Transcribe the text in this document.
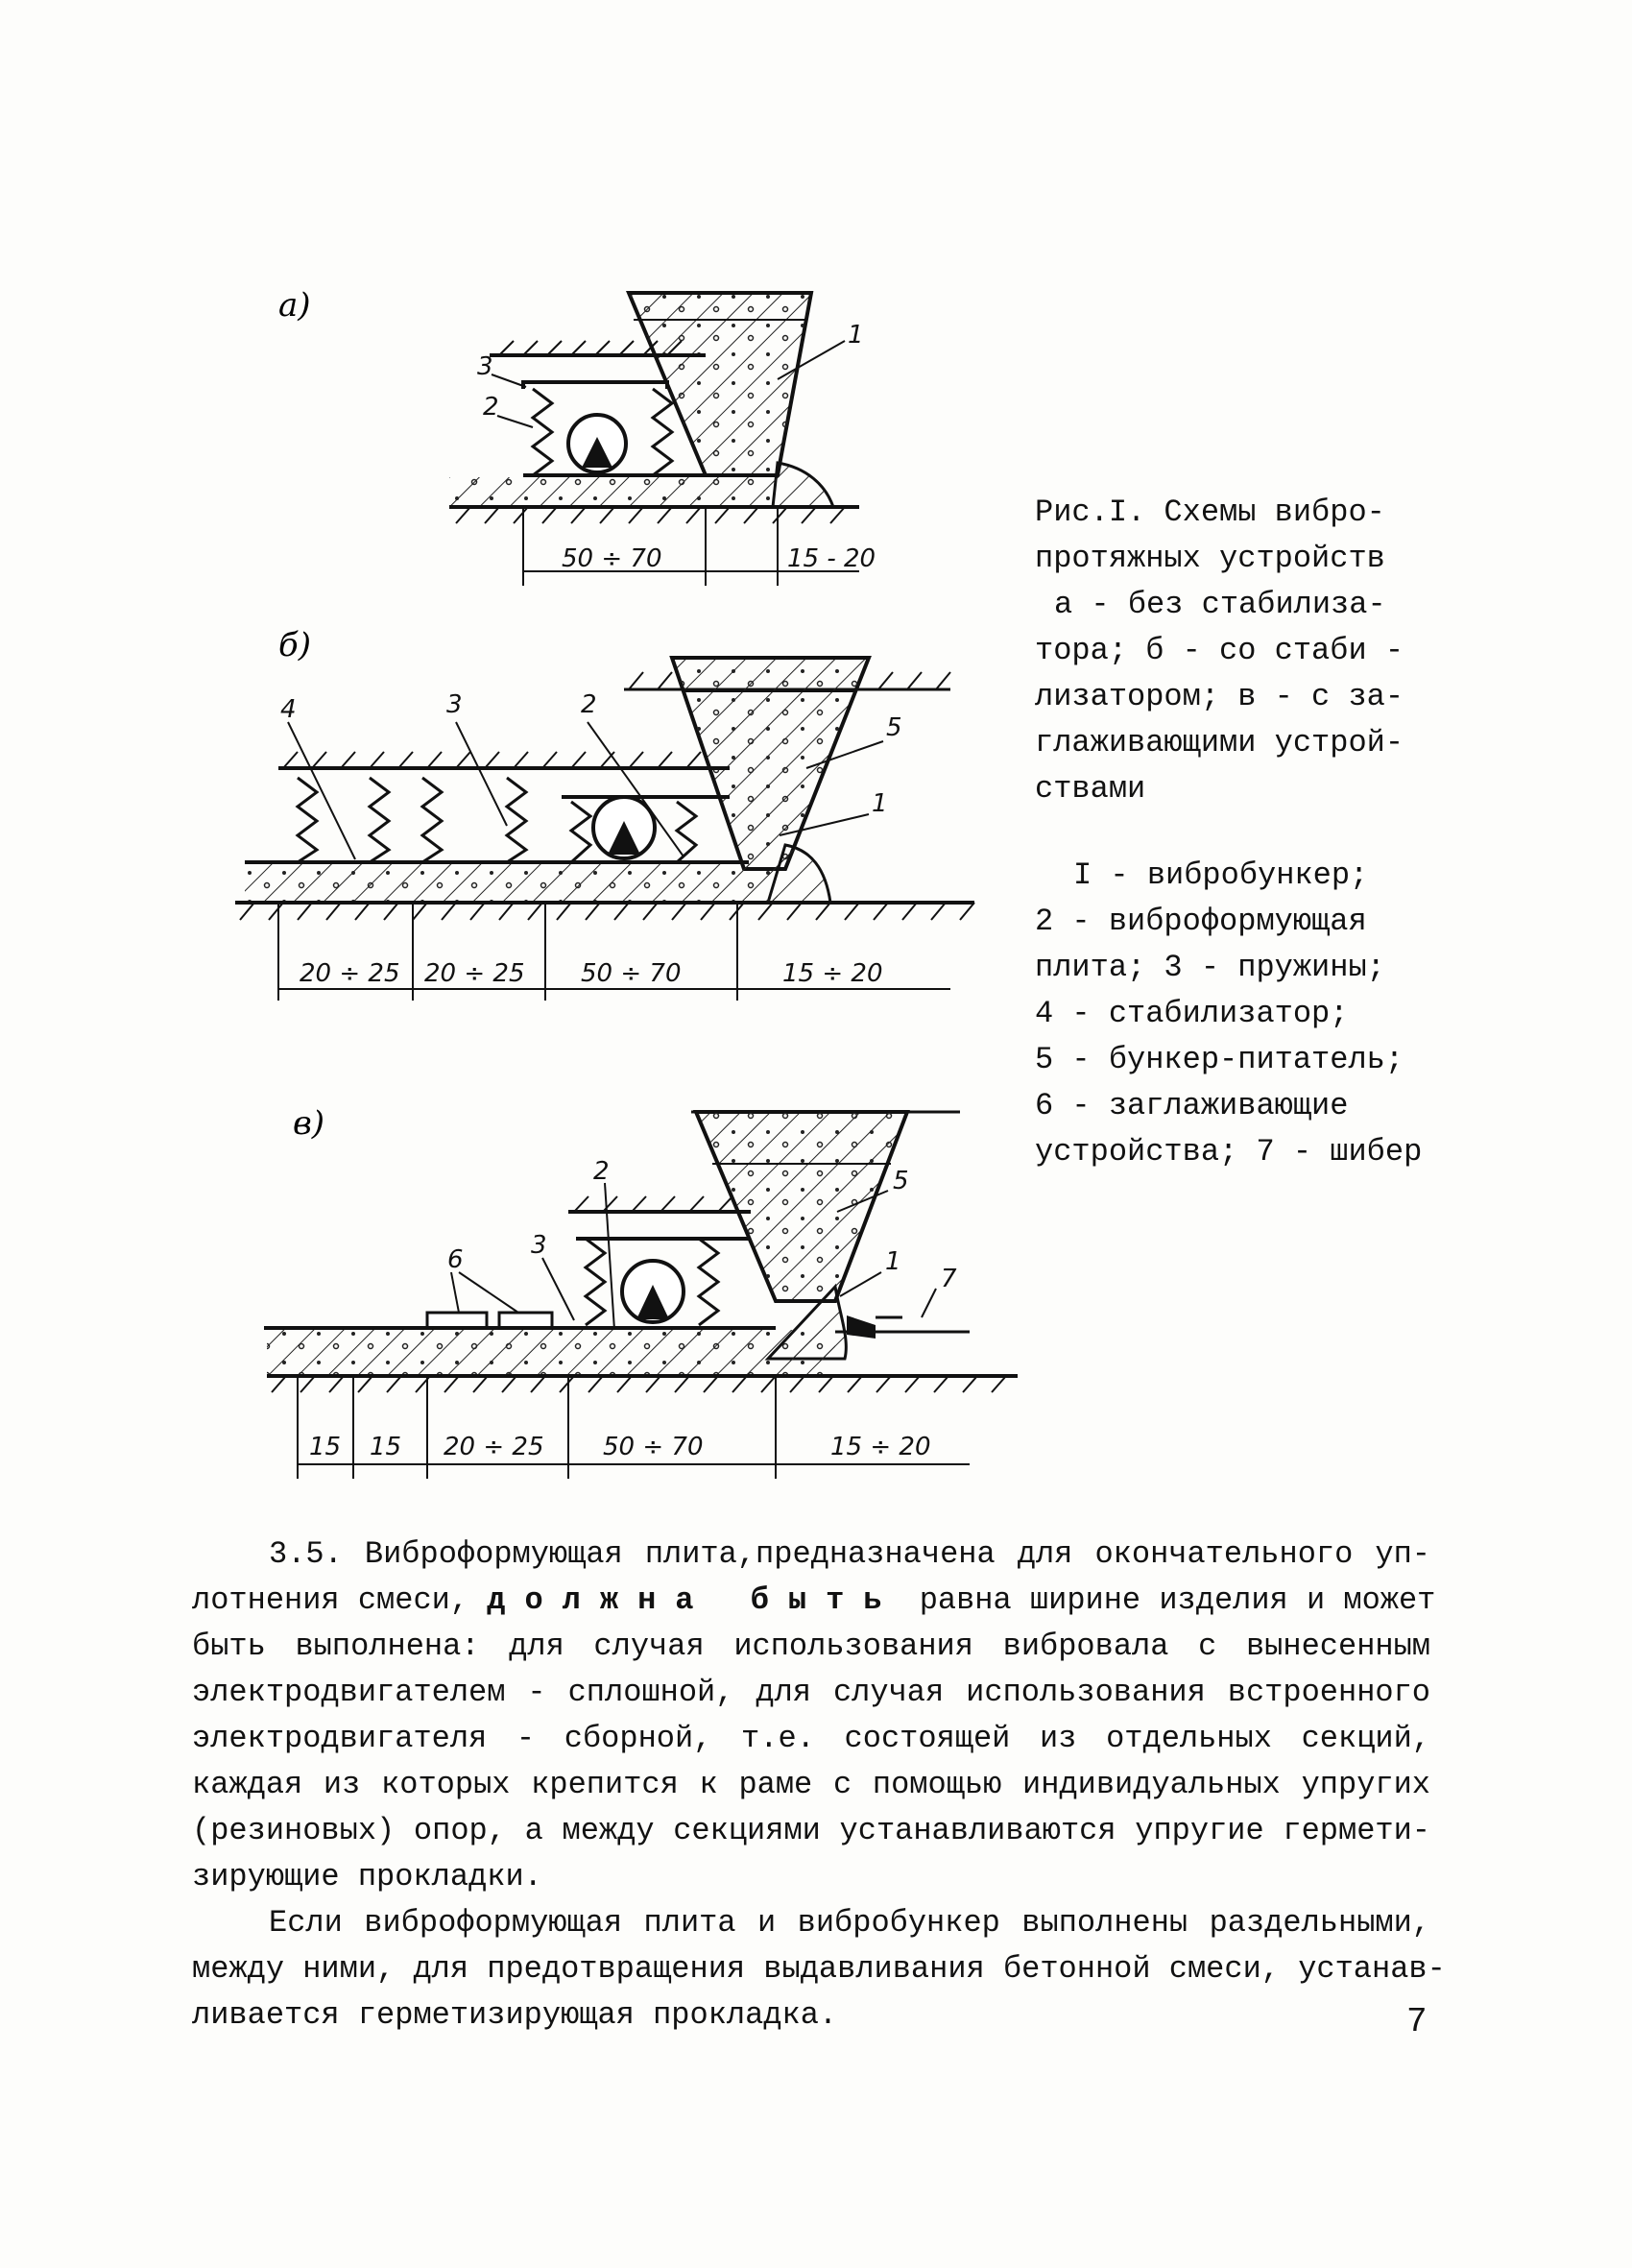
а)
б)
в)
3
2
1
50 ÷ 70	15 - 20
4	3	2
5
1
20 ÷ 25 20 ÷ 25 50 ÷ 70	15 ÷ 20
2	5
3
6	1
7
15 15 20 ÷ 25 50 ÷ 70	15 ÷ 20
Рис.I. Схемы вибро-
протяжных устройств
а - без стабилиза-
тора; б - со стаби -
лизатором; в - с за-
глаживающими устрой-
ствами
I - вибробункер;
2 - виброформующая
плита; 3 - пружины;
4 - стабилизатор;
5 - бункер-питатель;
6 - заглаживающие
устройства; 7 - шибер
3.5. Виброформующая плита,предназначена для окончательного уп-
лотнения смеси, должна быть равна ширине изделия и может
быть выполнена: для случая использования вибровала с вынесенным
электродвигателем - сплошной, для случая использования встроенного
электродвигателя - сборной, т.е. состоящей из отдельных секций,
каждая из которых крепится к раме с помощью индивидуальных упругих
(резиновых) опор, а между секциями устанавливаются упругие гермети-
зирующие прокладки.
Если виброформующая плита и вибробункер выполнены раздельными,
между ними, для предотвращения выдавливания бетонной смеси, устанав-
ливается герметизирующая прокладка.	7
